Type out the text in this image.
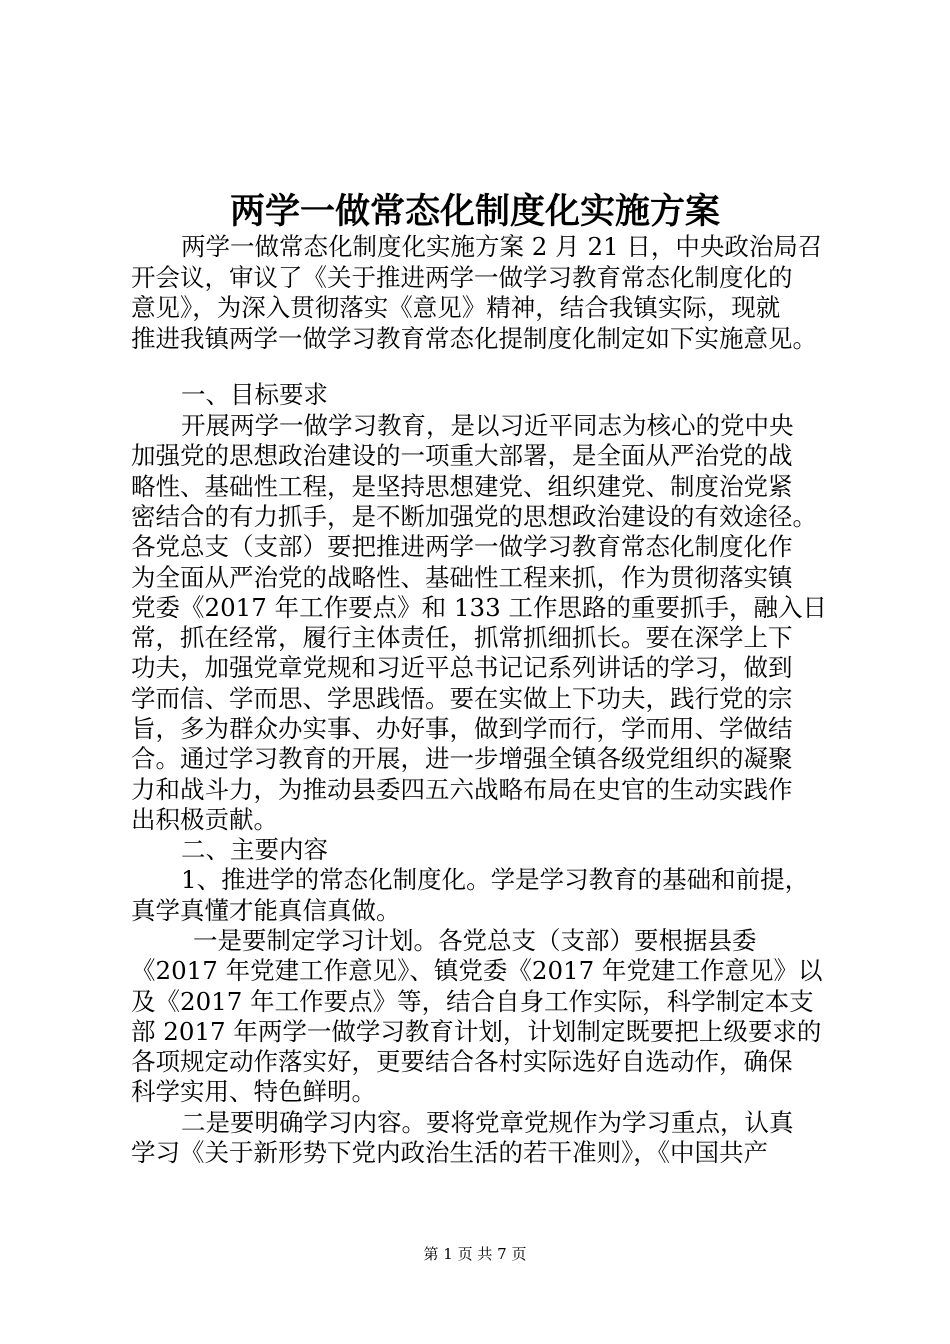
两学一做常态化制度化实施方案
两学一做常态化制度化实施方案 2 月 21 日，中央政治局召
开会议，审议了《关于推进两学一做学习教育常态化制度化的
意见》，为深入贯彻落实《意见》精神，结合我镇实际，现就
推进我镇两学一做学习教育常态化提制度化制定如下实施意见。
一、目标要求
开展两学一做学习教育，是以习近平同志为核心的党中央
加强党的思想政治建设的一项重大部署，是全面从严治党的战
略性、基础性工程，是坚持思想建党、组织建党、制度治党紧
密结合的有力抓手，是不断加强党的思想政治建设的有效途径。
各党总支（支部）要把推进两学一做学习教育常态化制度化作
为全面从严治党的战略性、基础性工程来抓，作为贯彻落实镇
党委《2017 年工作要点》和 133 工作思路的重要抓手，融入日
常，抓在经常，履行主体责任，抓常抓细抓长。要在深学上下
功夫，加强党章党规和习近平总书记记系列讲话的学习，做到
学而信、学而思、学思践悟。要在实做上下功夫，践行党的宗
旨，多为群众办实事、办好事，做到学而行，学而用、学做结
合。通过学习教育的开展，进一步增强全镇各级党组织的凝聚
力和战斗力，为推动县委四五六战略布局在史官的生动实践作
出积极贡献。
二、主要内容
1、推进学的常态化制度化。学是学习教育的基础和前提，
真学真懂才能真信真做。
一是要制定学习计划。各党总支（支部）要根据县委
《2017 年党建工作意见》、镇党委《2017 年党建工作意见》以
及《2017 年工作要点》等，结合自身工作实际，科学制定本支
部 2017 年两学一做学习教育计划，计划制定既要把上级要求的
各项规定动作落实好，更要结合各村实际选好自选动作，确保
科学实用、特色鲜明。
二是要明确学习内容。要将党章党规作为学习重点，认真
学习《关于新形势下党内政治生活的若干准则》，《中国共产
第 1 页 共 7 页
